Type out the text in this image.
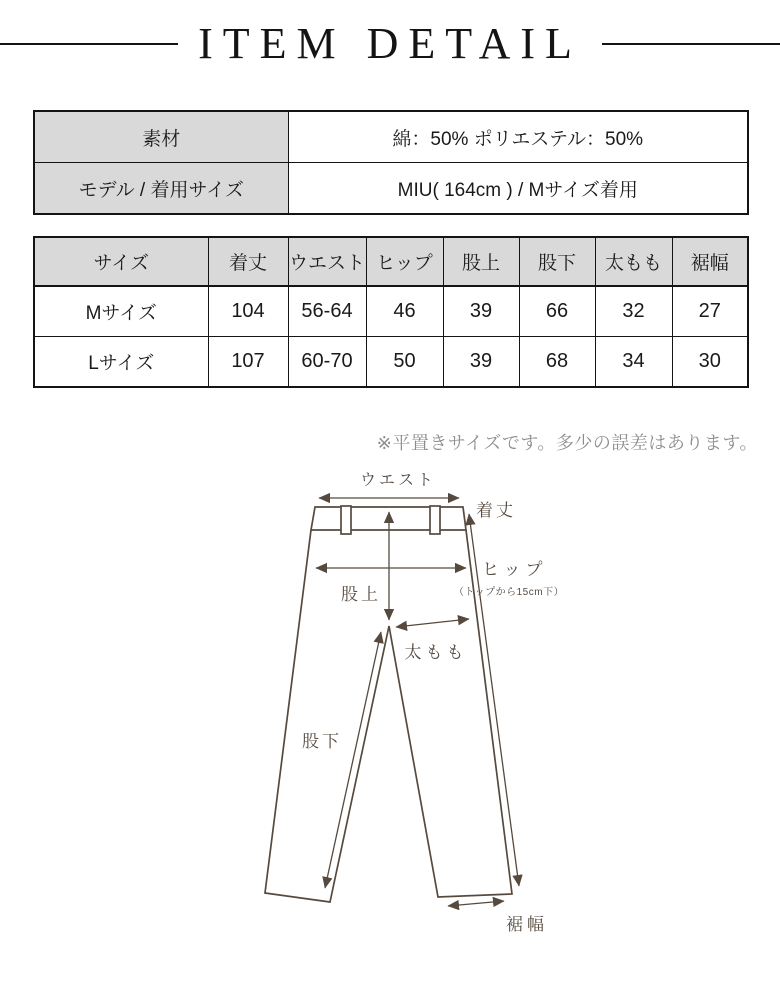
ITEM DETAIL
素材	綿：50% ポリエステル：50%
モデル / 着用サイズ	MIU( 164cm ) / Mサイズ着用
サイズ	着丈	ウエスト	ヒップ	股上	股下	太もも	裾幅
Mサイズ	104	56-64	46	39	66	32	27
Lサイズ	107	60-70	50	39	68	34	30
※平置きサイズです。多少の誤差はあります。
ウエスト
着丈
ヒップ
（トップから15cm下）
股上
太もも
股下
裾幅
